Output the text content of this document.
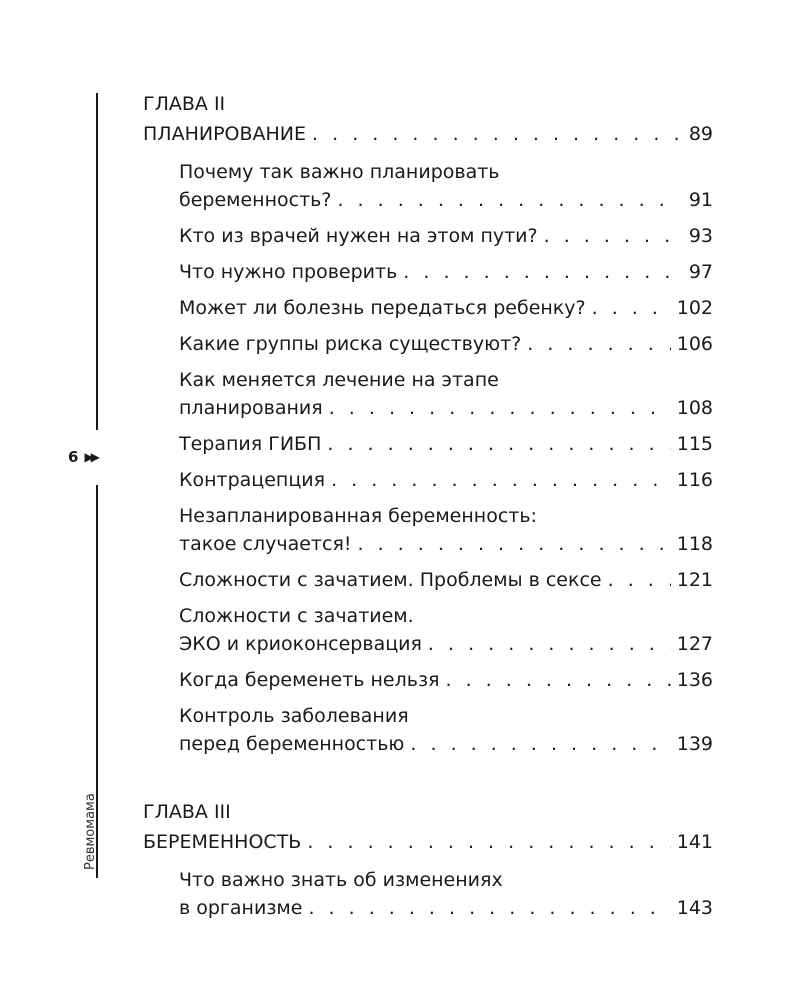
6 ▶▶
Ревмомама
ГЛАВА II
ПЛАНИРОВАНИЕ . . .	89
Почему так важно планировать
беременность? . . .	91
Кто из врачей нужен на этом пути? . . .	93
Что нужно проверить . . .	97
Может ли болезнь передаться ребенку? . . .	102
Какие группы риска существуют? . . .	106
Как меняется лечение на этапе
планирования . . .	108
Терапия ГИБП . . .	115
Контрацепция . . .	116
Незапланированная беременность:
такое случается! . . .	118
Сложности с зачатием. Проблемы в сексе . . .	121
Сложности с зачатием.
ЭКО и криоконсервация . . .	127
Когда беременеть нельзя . . .	136
Контроль заболевания
перед беременностью . . .	139
ГЛАВА III
БЕРЕМЕННОСТЬ . . .	141
Что важно знать об изменениях
в организме . . .	143
